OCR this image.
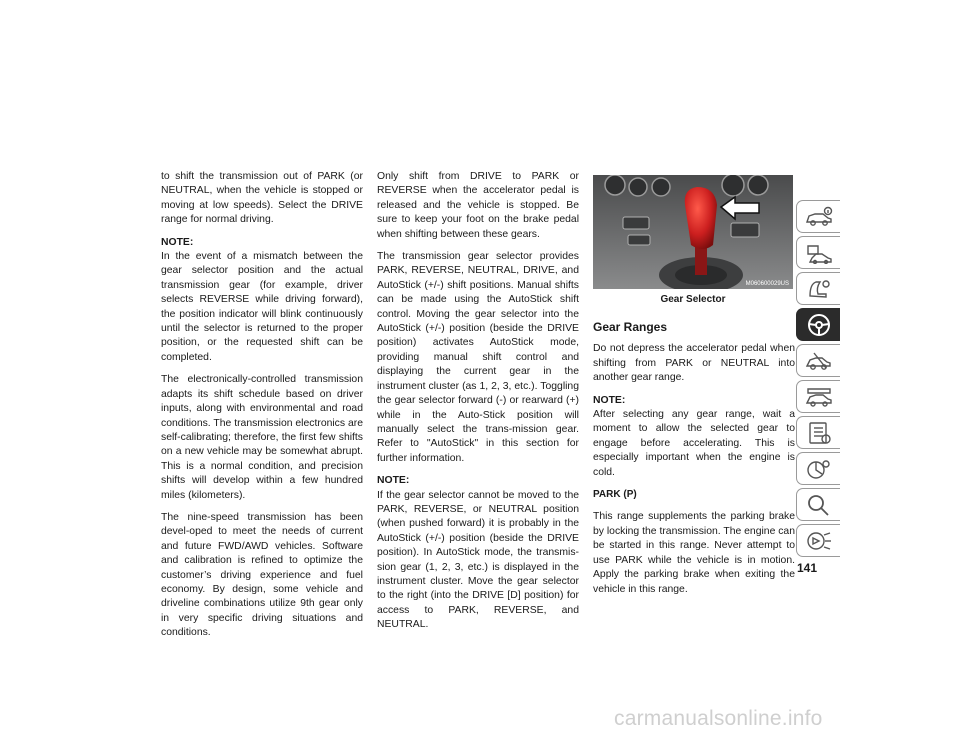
to shift the transmission out of PARK (or NEUTRAL, when the vehicle is stopped or moving at low speeds). Select the DRIVE range for normal driving.

NOTE:

In the event of a mismatch between the gear selector position and the actual transmission gear (for example, driver selects REVERSE while driving forward), the position indicator will blink continuously until the selector is returned to the proper position, or the requested shift can be completed.

The electronically-controlled transmission adapts its shift schedule based on driver inputs, along with environmental and road conditions. The transmission electronics are self-calibrating; therefore, the first few shifts on a new vehicle may be somewhat abrupt. This is a normal condition, and precision shifts will develop within a few hundred miles (kilometers).

The nine-speed transmission has been devel-oped to meet the needs of current and future FWD/AWD vehicles. Software and calibration is refined to optimize the customer’s driving experience and fuel economy. By design, some vehicle and driveline combinations utilize 9th gear only in very specific driving situations and conditions.

Only shift from DRIVE to PARK or REVERSE when the accelerator pedal is released and the vehicle is stopped. Be sure to keep your foot on the brake pedal when shifting between these gears.

The transmission gear selector provides PARK, REVERSE, NEUTRAL, DRIVE, and AutoStick (+/-) shift positions. Manual shifts can be made using the AutoStick shift control. Moving the gear selector into the AutoStick (+/-) position (beside the DRIVE position) activates AutoStick mode, providing manual shift control and displaying the current gear in the instrument cluster (as 1, 2, 3, etc.). Toggling the gear selector forward (-) or rearward (+) while in the Auto-Stick position will manually select the trans-mission gear. Refer to "AutoStick" in this section for further information.

NOTE:

If the gear selector cannot be moved to the PARK, REVERSE, or NEUTRAL position (when pushed forward) it is probably in the AutoStick (+/-) position (beside the DRIVE position). In AutoStick mode, the transmis-sion gear (1, 2, 3, etc.) is displayed in the instrument cluster. Move the gear selector to the right (into the DRIVE [D] position) for access to PARK, REVERSE, and NEUTRAL.

M060600029US
Gear Selector
Gear Ranges

Do not depress the accelerator pedal when shifting from PARK or NEUTRAL into another gear range.

NOTE:

After selecting any gear range, wait a moment to allow the selected gear to engage before accelerating. This is especially important when the engine is cold.

PARK (P)

This range supplements the parking brake by locking the transmission. The engine can be started in this range. Never attempt to use PARK while the vehicle is in motion. Apply the parking brake when exiting the vehicle in this range.

141
carmanualsonline.info
